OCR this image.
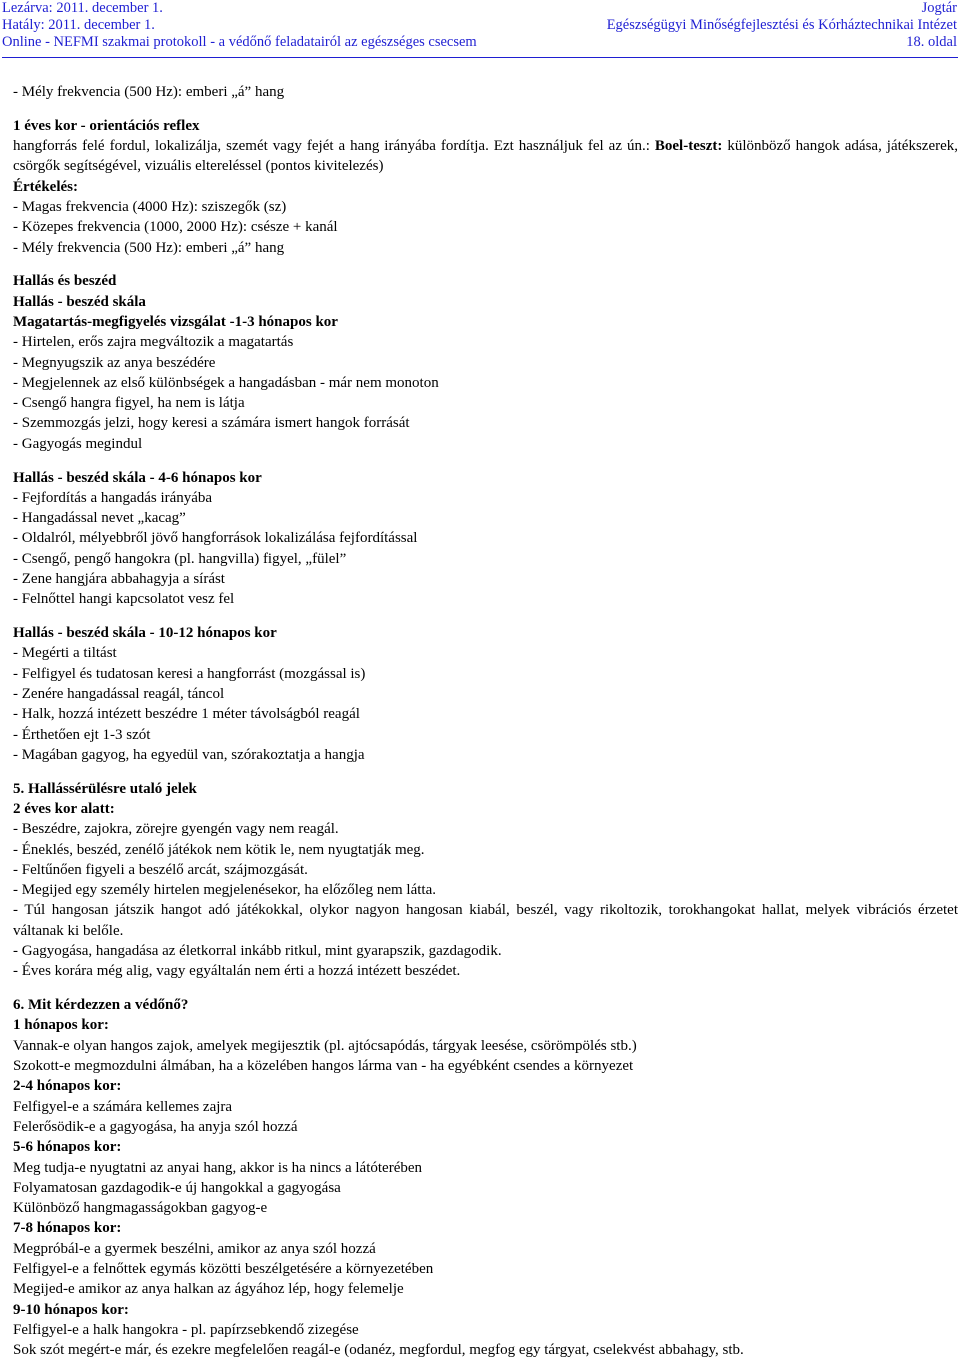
Lezárva: 2011. december 1.
Hatály: 2011. december 1.
Online - NEFMI szakmai protokoll - a védőnő feladatairól az egészséges csecsem
Jogtár
Egészségügyi Minőségfejlesztési és Kórháztechnikai Intézet
18. oldal

- Mély frekvencia (500 Hz): emberi „á” hang

1 éves kor - orientációs reflex

hangforrás felé fordul, lokalizálja, szemét vagy fejét a hang irányába fordítja. Ezt használjuk fel az ún.: Boel-teszt: különböző hangok adása, játékszerek, csörgők segítségével, vizuális eltereléssel (pontos kivitelezés)

Értékelés:

- Magas frekvencia (4000 Hz): sziszegők (sz)

- Közepes frekvencia (1000, 2000 Hz): csésze + kanál

- Mély frekvencia (500 Hz): emberi „á” hang

Hallás és beszéd

Hallás - beszéd skála

Magatartás-megfigyelés vizsgálat -1-3 hónapos kor

- Hirtelen, erős zajra megváltozik a magatartás

- Megnyugszik az anya beszédére

- Megjelennek az első különbségek a hangadásban - már nem monoton

- Csengő hangra figyel, ha nem is látja

- Szemmozgás jelzi, hogy keresi a számára ismert hangok forrását

- Gagyogás megindul

Hallás - beszéd skála - 4-6 hónapos kor

- Fejfordítás a hangadás irányába

- Hangadással nevet „kacag”

- Oldalról, mélyebbről jövő hangforrások lokalizálása fejfordítással

- Csengő, pengő hangokra (pl. hangvilla) figyel, „fülel”

- Zene hangjára abbahagyja a sírást

- Felnőttel hangi kapcsolatot vesz fel

Hallás - beszéd skála - 10-12 hónapos kor

- Megérti a tiltást

- Felfigyel és tudatosan keresi a hangforrást (mozgással is)

- Zenére hangadással reagál, táncol

- Halk, hozzá intézett beszédre 1 méter távolságból reagál

- Érthetően ejt 1-3 szót

- Magában gagyog, ha egyedül van, szórakoztatja a hangja

5. Hallássérülésre utaló jelek

2 éves kor alatt:

- Beszédre, zajokra, zörejre gyengén vagy nem reagál.

- Éneklés, beszéd, zenélő játékok nem kötik le, nem nyugtatják meg.

- Feltűnően figyeli a beszélő arcát, szájmozgását.

- Megijed egy személy hirtelen megjelenésekor, ha előzőleg nem látta.

- Túl hangosan játszik hangot adó játékokkal, olykor nagyon hangosan kiabál, beszél, vagy rikoltozik, torokhangokat hallat, melyek vibrációs érzetet váltanak ki belőle.

- Gagyogása, hangadása az életkorral inkább ritkul, mint gyarapszik, gazdagodik.

- Éves korára még alig, vagy egyáltalán nem érti a hozzá intézett beszédet.

6. Mit kérdezzen a védőnő?

1 hónapos kor:

Vannak-e olyan hangos zajok, amelyek megijesztik (pl. ajtócsapódás, tárgyak leesése, csörömpölés stb.)

Szokott-e megmozdulni álmában, ha a közelében hangos lárma van - ha egyébként csendes a környezet

2-4 hónapos kor:

Felfigyel-e a számára kellemes zajra

Felerősödik-e a gagyogása, ha anyja szól hozzá

5-6 hónapos kor:

Meg tudja-e nyugtatni az anyai hang, akkor is ha nincs a látóterében

Folyamatosan gazdagodik-e új hangokkal a gagyogása

Különböző hangmagasságokban gagyog-e

7-8 hónapos kor:

Megpróbál-e a gyermek beszélni, amikor az anya szól hozzá

Felfigyel-e a felnőttek egymás közötti beszélgetésére a környezetében

Megijed-e amikor az anya halkan az ágyához lép, hogy felemelje

9-10 hónapos kor:

Felfigyel-e a halk hangokra - pl. papírzsebkendő zizegése

Sok szót megért-e már, és ezekre megfelelően reagál-e (odanéz, megfordul, megfog egy tárgyat, cselekvést abbahagy, stb.
